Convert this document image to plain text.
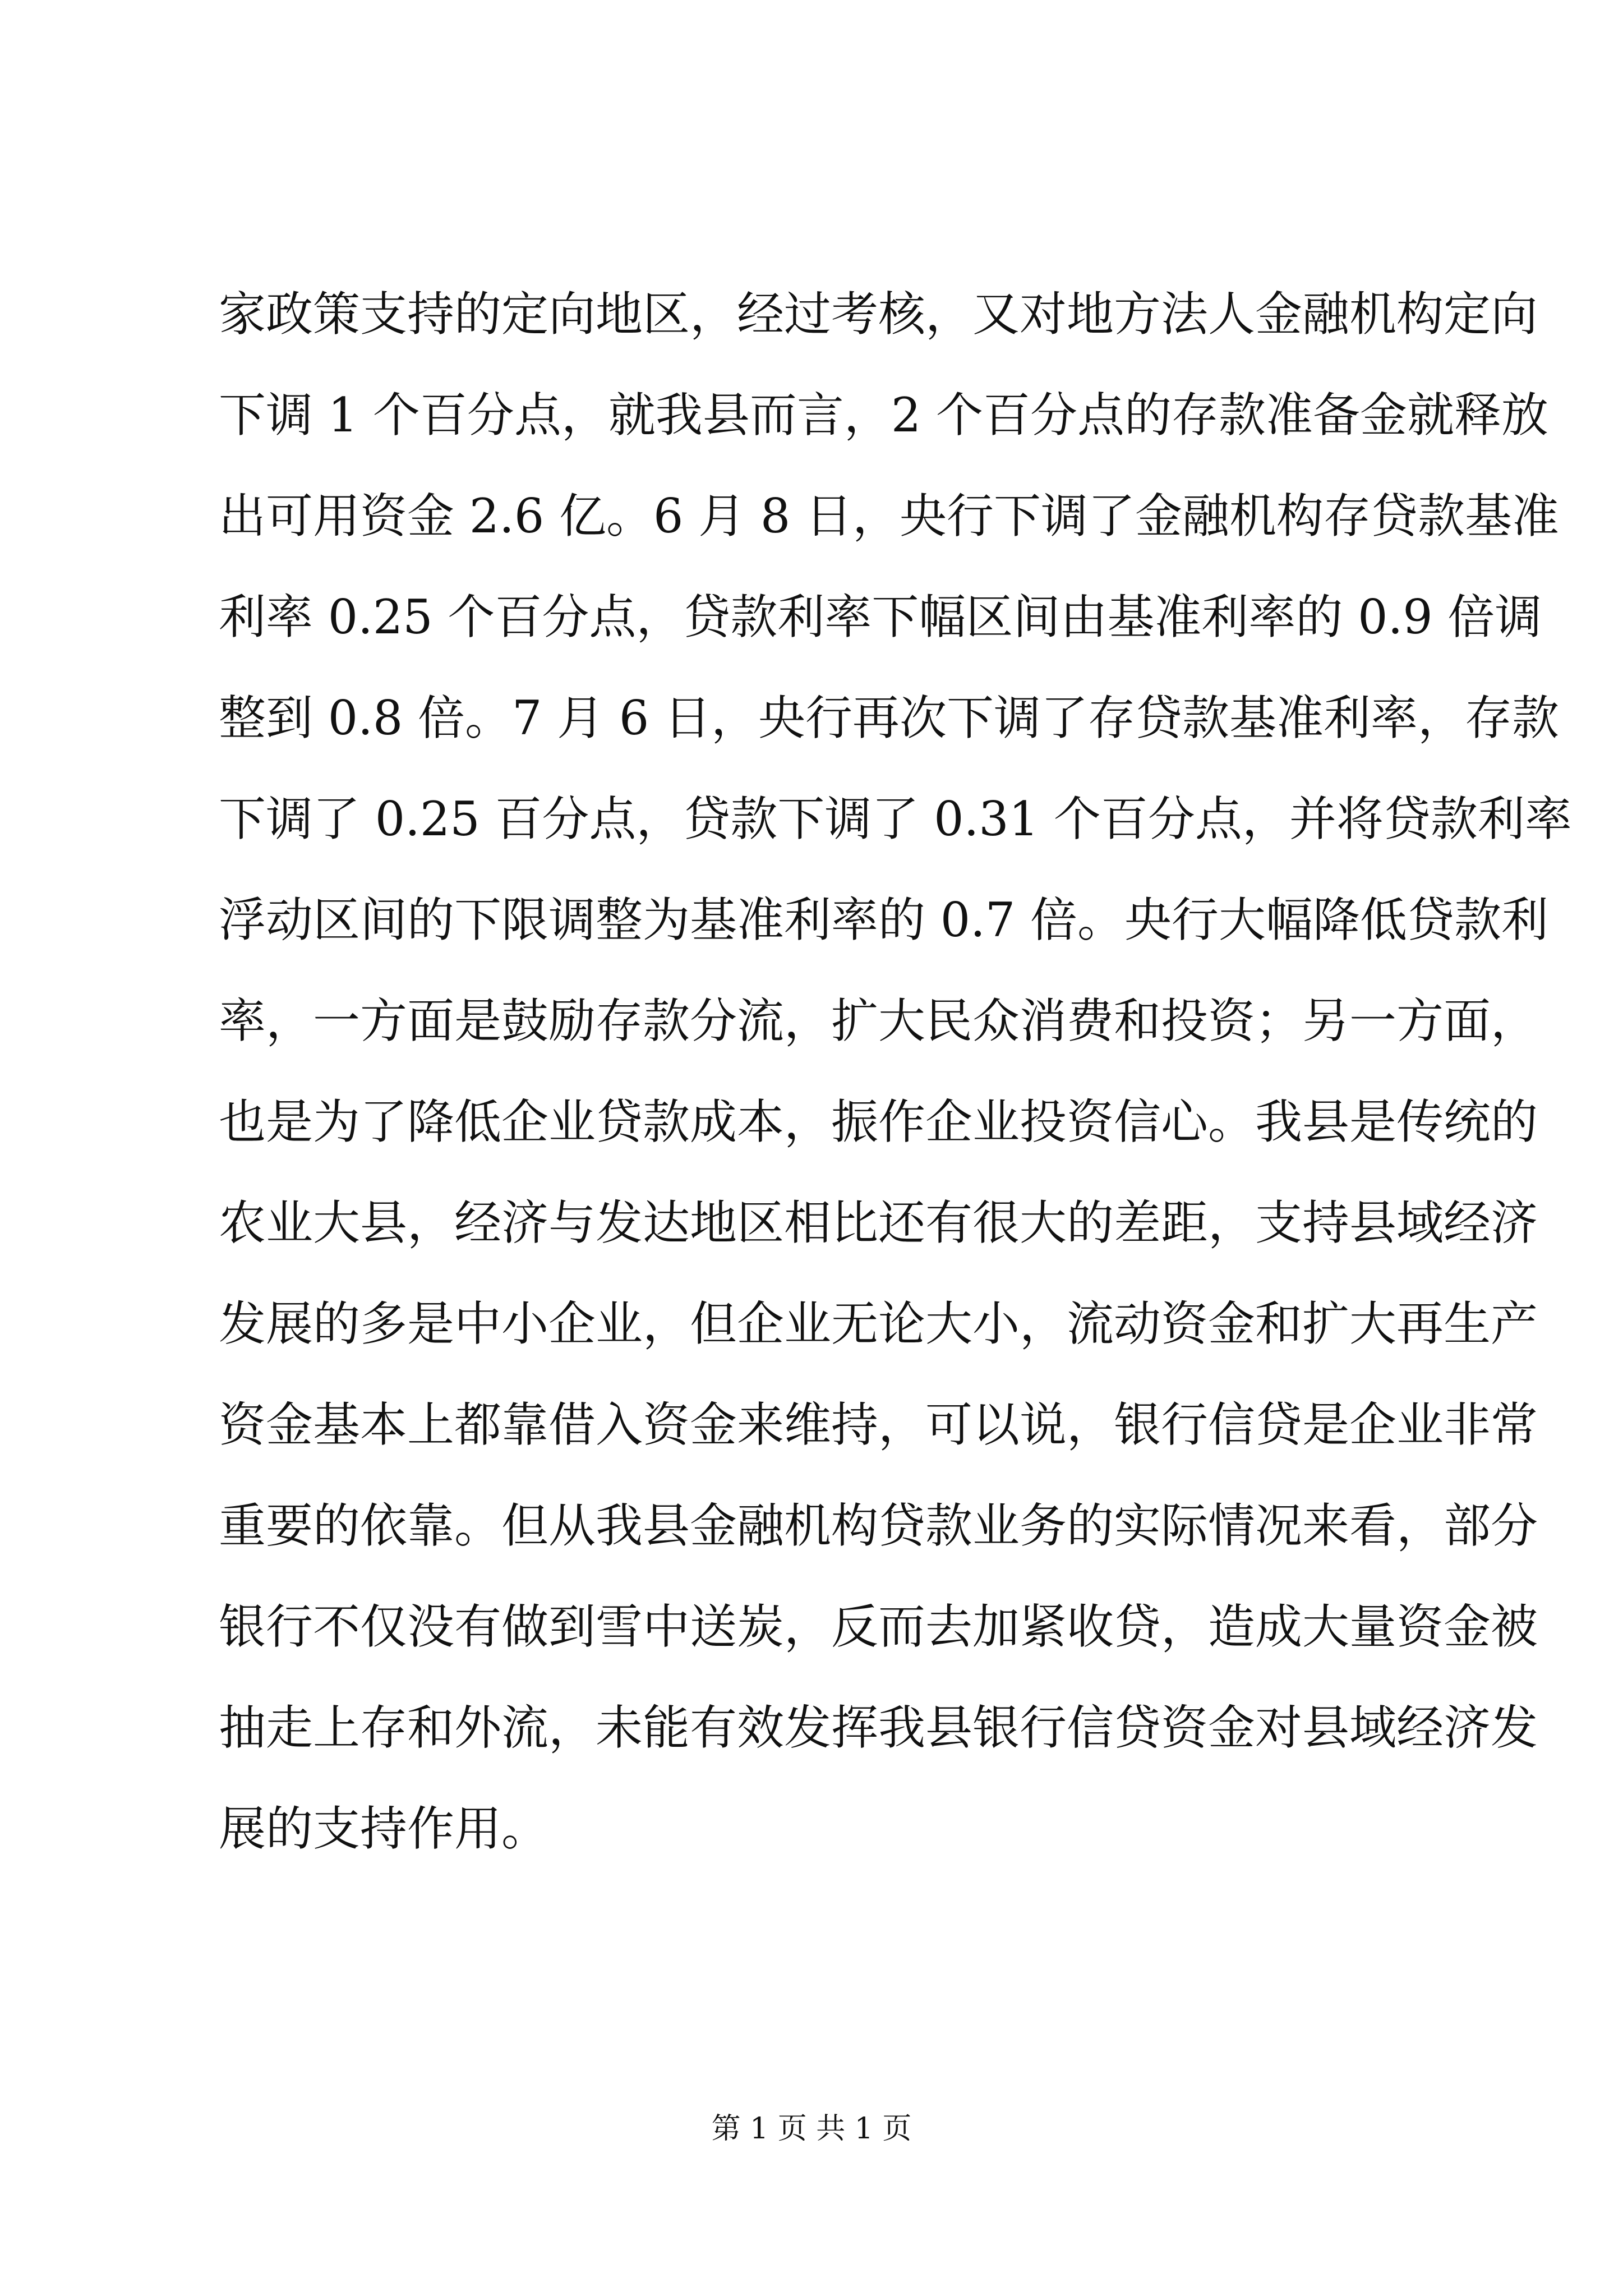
家政策支持的定向地区，经过考核，又对地方法人金融机构定向
下调 1 个百分点，就我县而言，2 个百分点的存款准备金就释放
出可用资金 2.6 亿。6 月 8 日，央行下调了金融机构存贷款基准
利率 0.25 个百分点，贷款利率下幅区间由基准利率的 0.9 倍调
整到 0.8 倍。7 月 6 日，央行再次下调了存贷款基准利率，存款
下调了 0.25 百分点，贷款下调了 0.31 个百分点，并将贷款利率
浮动区间的下限调整为基准利率的 0.7 倍。央行大幅降低贷款利
率，一方面是鼓励存款分流，扩大民众消费和投资；另一方面，
也是为了降低企业贷款成本，振作企业投资信心。我县是传统的
农业大县，经济与发达地区相比还有很大的差距，支持县域经济
发展的多是中小企业，但企业无论大小，流动资金和扩大再生产
资金基本上都靠借入资金来维持，可以说，银行信贷是企业非常
重要的依靠。但从我县金融机构贷款业务的实际情况来看，部分
银行不仅没有做到雪中送炭，反而去加紧收贷，造成大量资金被
抽走上存和外流，未能有效发挥我县银行信贷资金对县域经济发
展的支持作用。
第 1 页 共 1 页
